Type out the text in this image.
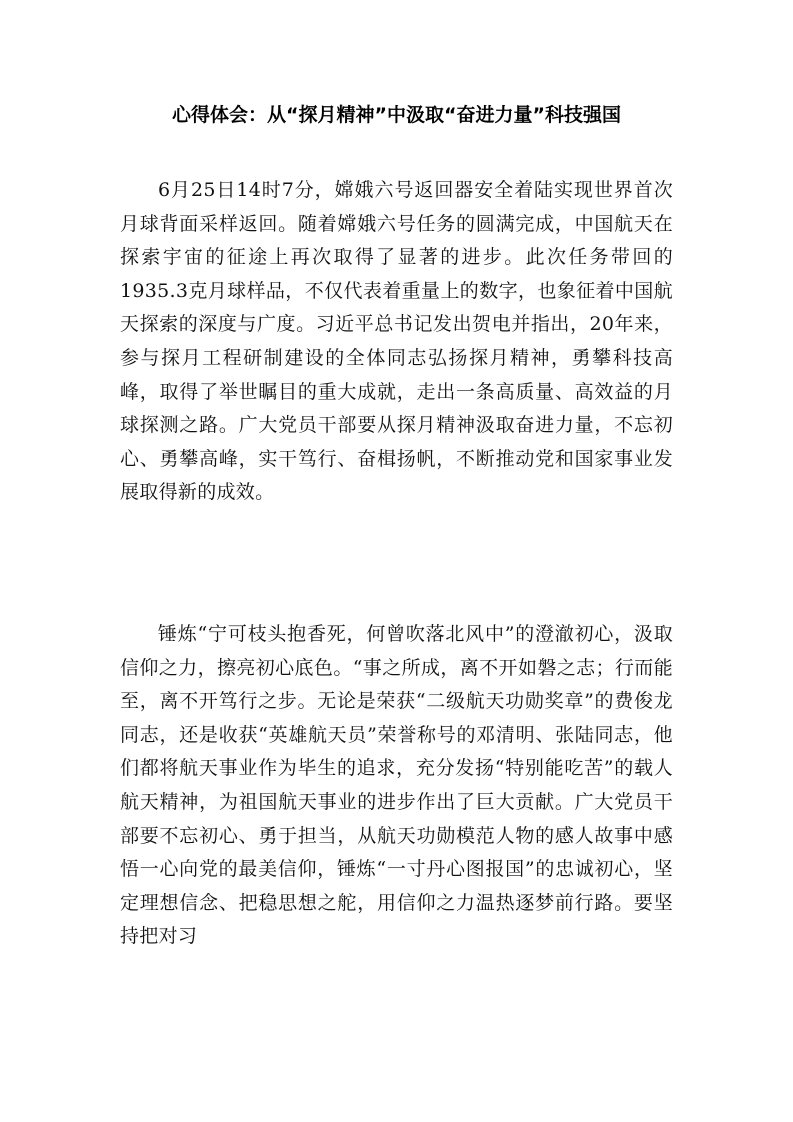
心得体会：从“探月精神”中汲取“奋进力量”科技强国

6月25日14时7分，嫦娥六号返回器安全着陆实现世界首次月球背面采样返回。随着嫦娥六号任务的圆满完成，中国航天在探索宇宙的征途上再次取得了显著的进步。此次任务带回的1935.3克月球样品，不仅代表着重量上的数字，也象征着中国航天探索的深度与广度。习近平总书记发出贺电并指出，20年来，参与探月工程研制建设的全体同志弘扬探月精神，勇攀科技高峰，取得了举世瞩目的重大成就，走出一条高质量、高效益的月球探测之路。广大党员干部要从探月精神汲取奋进力量，不忘初心、勇攀高峰，实干笃行、奋楫扬帆，不断推动党和国家事业发展取得新的成效。

锤炼“宁可枝头抱香死，何曾吹落北风中”的澄澈初心，汲取信仰之力，擦亮初心底色。“事之所成，离不开如磐之志；行而能至，离不开笃行之步。无论是荣获“二级航天功勋奖章”的费俊龙同志，还是收获“英雄航天员”荣誉称号的邓清明、张陆同志，他们都将航天事业作为毕生的追求，充分发扬“特别能吃苦”的载人航天精神，为祖国航天事业的进步作出了巨大贡献。广大党员干部要不忘初心、勇于担当，从航天功勋模范人物的感人故事中感悟一心向党的最美信仰，锤炼“一寸丹心图报国”的忠诚初心，坚定理想信念、把稳思想之舵，用信仰之力温热逐梦前行路。要坚持把对习
